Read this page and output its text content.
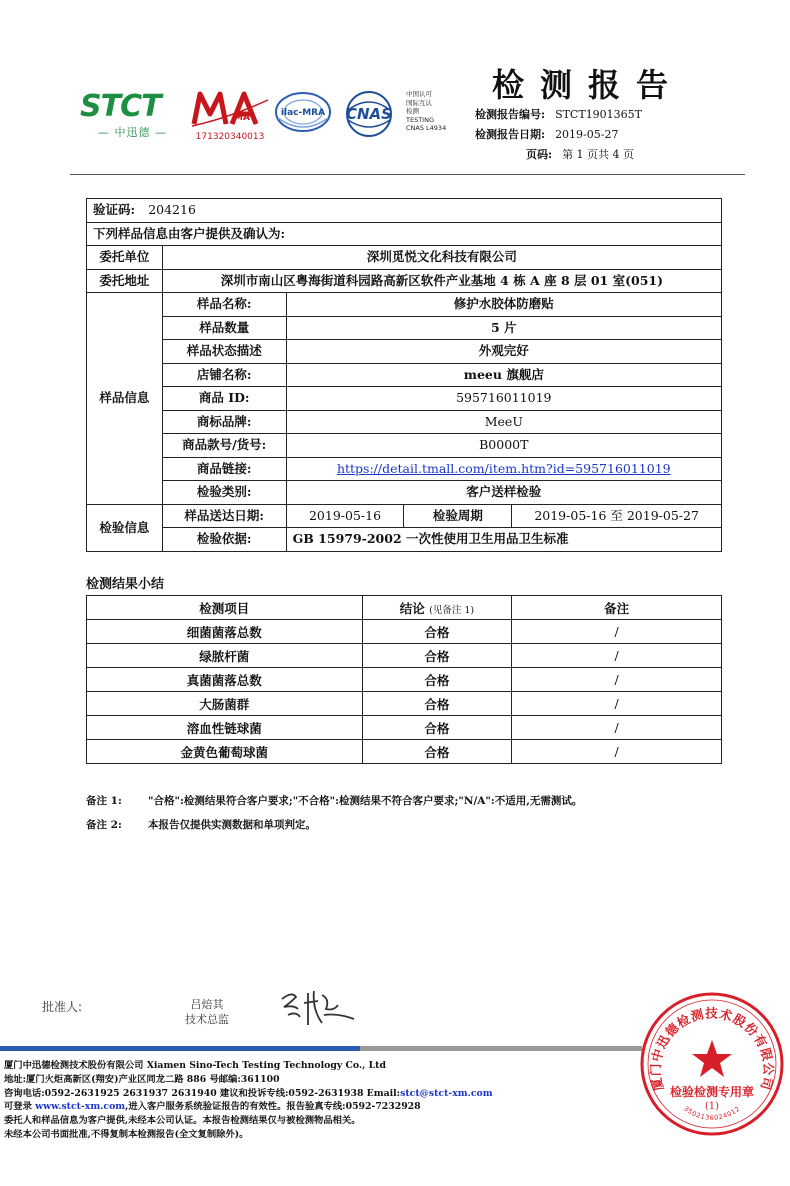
STCT
— 中迅德 —
MA
171320340013
ilac-MRA CNAS
中国认可
国际互认
检测
TESTING
CNAS L4934
检测报告
检测报告编号: STCT1901365T
检测报告日期: 2019-05-27
页码: 第 1 页共 4 页
验证码: 204216				
下列样品信息由客户提供及确认为:				
委托单位	深圳觅悦文化科技有限公司			
委托地址	深圳市南山区粤海街道科园路高新区软件产业基地 4 栋 A 座 8 层 01 室(051)			
样品信息	样品名称:	修护水胶体防磨贴		
	样品数量	5 片		
	样品状态描述	外观完好		
	店铺名称:	meeu 旗舰店		
	商品 ID:	595716011019		
	商标品牌:	MeeU		
	商品款号/货号:	B0000T		
	商品链接:	https://detail.tmall.com/item.htm?id=595716011019		
	检验类别:	客户送样检验		
检验信息	样品送达日期:	2019-05-16	检验周期	2019-05-16 至 2019-05-27
	检验依据:	GB 15979-2002 一次性使用卫生用品卫生标准		
检测结果小结
检测项目	结论 (见备注 1)	备注
细菌菌落总数	合格	/
绿脓杆菌	合格	/
真菌菌落总数	合格	/
大肠菌群	合格	/
溶血性链球菌	合格	/
金黄色葡萄球菌	合格	/
备注 1: "合格":检测结果符合客户要求;"不合格":检测结果不符合客户要求;"N/A":不适用,无需测试。
备注 2: 本报告仅提供实测数据和单项判定。
批准人:	吕焙其
技术总监
厦门中迅德检测技术股份有限公司 Xiamen Sino-Tech Testing Technology Co., Ltd
地址:厦门火炬高新区(翔安)产业区同龙二路 886 号邮编:361100
咨询电话:0592-2631925 2631937 2631940 建议和投诉专线:0592-2631938 Email:stct@stct-xm.com
可登录 www.stct-xm.com,进入客户服务系统验证报告的有效性。报告验真专线:0592-7232928
委托人和样品信息为客户提供,未经本公司认证。本报告检测结果仅与被检测物品相关。
未经本公司书面批准,不得复制本检测报告(全文复制除外)。
厦门中迅德检测技术股份有限公司
检验检测专用章
(1)
3502136024012
